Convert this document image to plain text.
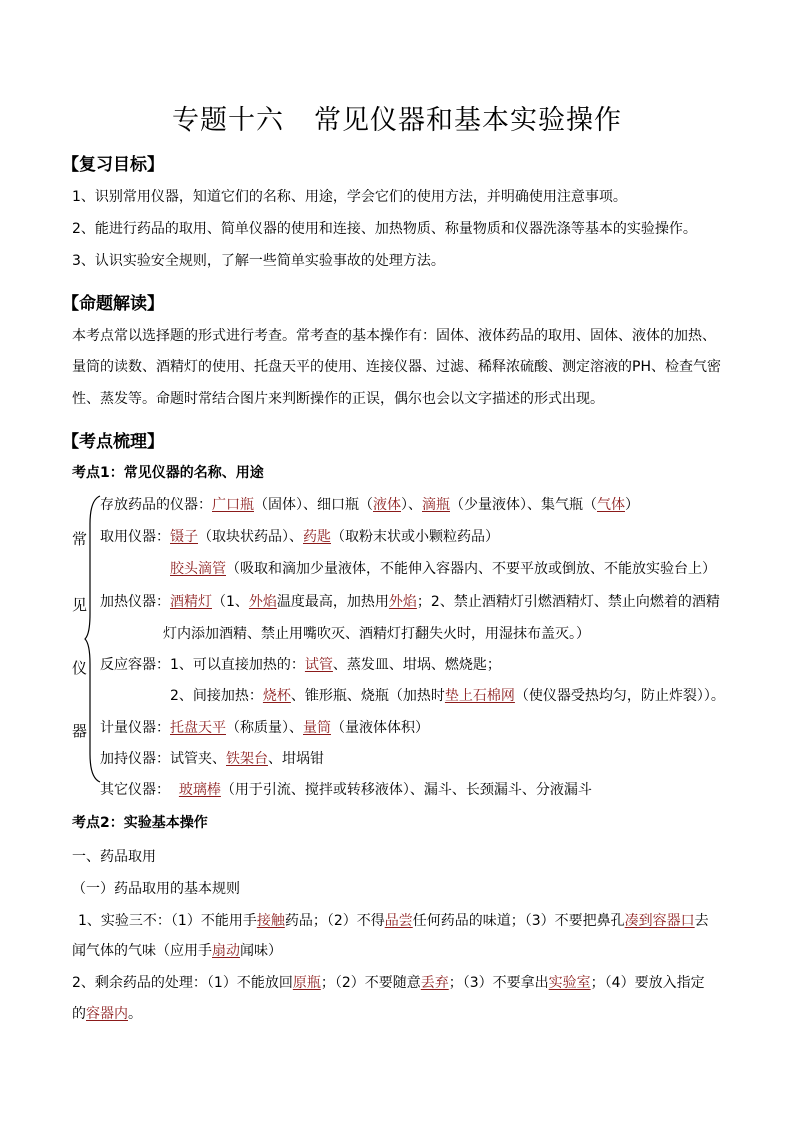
专题十六 常见仪器和基本实验操作
【复习目标】
1、识别常用仪器，知道它们的名称、用途，学会它们的使用方法，并明确使用注意事项。
2、能进行药品的取用、简单仪器的使用和连接、加热物质、称量物质和仪器洗涤等基本的实验操作。
3、认识实验安全规则，了解一些简单实验事故的处理方法。
【命题解读】
本考点常以选择题的形式进行考查。常考查的基本操作有：固体、液体药品的取用、固体、液体的加热、
量筒的读数、酒精灯的使用、托盘天平的使用、连接仪器、过滤、稀释浓硫酸、测定溶液的PH、检查气密
性、蒸发等。命题时常结合图片来判断操作的正误，偶尔也会以文字描述的形式出现。
【考点梳理】
考点1：常见仪器的名称、用途
常
见
仪
器
存放药品的仪器：广口瓶（固体）、细口瓶（液体）、滴瓶（少量液体）、集气瓶（气体）
取用仪器：镊子（取块状药品）、药匙（取粉末状或小颗粒药品）
胶头滴管（吸取和滴加少量液体，不能伸入容器内、不要平放或倒放、不能放实验台上）
加热仪器：酒精灯（1、外焰温度最高，加热用外焰；2、禁止酒精灯引燃酒精灯、禁止向燃着的酒精
灯内添加酒精、禁止用嘴吹灭、酒精灯打翻失火时，用湿抹布盖灭。）
反应容器：1、可以直接加热的：试管、蒸发皿、坩埚、燃烧匙；
2、间接加热：烧杯、锥形瓶、烧瓶（加热时垫上石棉网（使仪器受热均匀，防止炸裂））。
计量仪器：托盘天平（称质量）、量筒（量液体体积）
加持仪器：试管夹、铁架台、坩埚钳
其它仪器： 玻璃棒（用于引流、搅拌或转移液体）、漏斗、长颈漏斗、分液漏斗
考点2：实验基本操作
一、药品取用
（一）药品取用的基本规则
1、实验三不：（1）不能用手接触药品；（2）不得品尝任何药品的味道；（3）不要把鼻孔凑到容器口去
闻气体的气味（应用手扇动闻味）
2、剩余药品的处理：（1）不能放回原瓶；（2）不要随意丢弃；（3）不要拿出实验室；（4）要放入指定
的容器内。
